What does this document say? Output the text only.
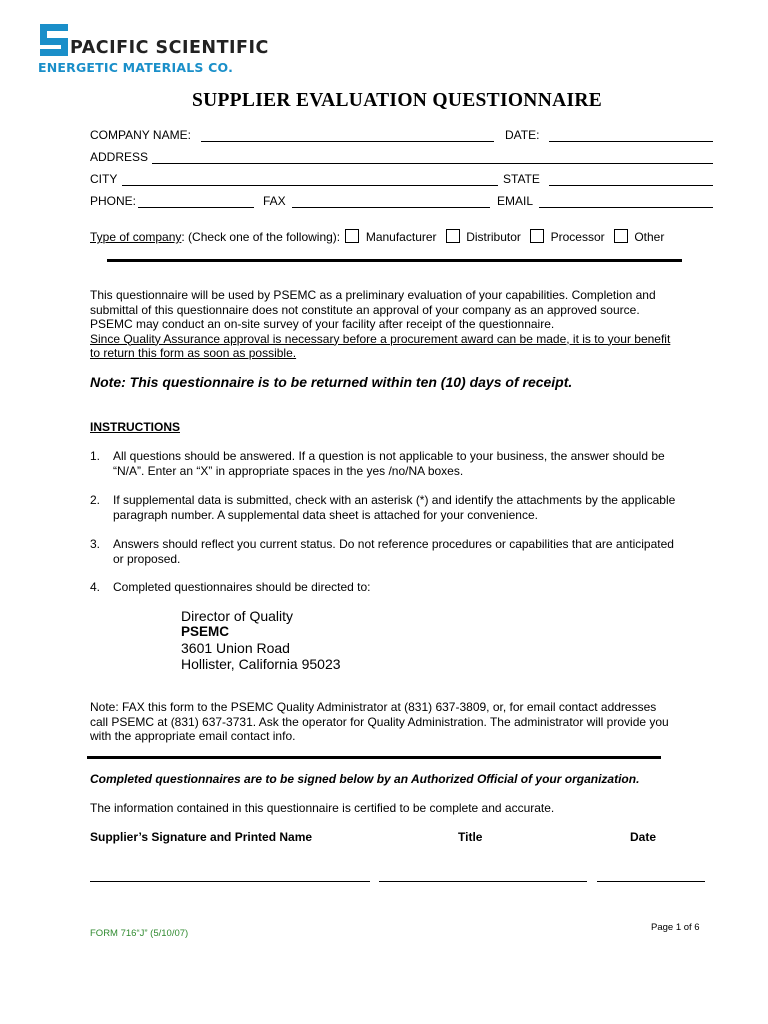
PACIFIC SCIENTIFIC
ENERGETIC MATERIALS CO.
SUPPLIER EVALUATION QUESTIONNAIRE
COMPANY NAME:	DATE:
ADDRESS
CITY	STATE
PHONE:	FAX	EMAIL
Type of company: (Check one of the following): Manufacturer Distributor Processor Other
This questionnaire will be used by PSEMC as a preliminary evaluation of your capabilities. Completion and
submittal of this questionnaire does not constitute an approval of your company as an approved source.
PSEMC may conduct an on-site survey of your facility after receipt of the questionnaire.
Since Quality Assurance approval is necessary before a procurement award can be made, it is to your benefit
to return this form as soon as possible.
Note: This questionnaire is to be returned within ten (10) days of receipt.
INSTRUCTIONS
1. All questions should be answered. If a question is not applicable to your business, the answer should be
“N/A”. Enter an “X” in appropriate spaces in the yes /no/NA boxes.
2. If supplemental data is submitted, check with an asterisk (*) and identify the attachments by the applicable
paragraph number. A supplemental data sheet is attached for your convenience.
3. Answers should reflect you current status. Do not reference procedures or capabilities that are anticipated
or proposed.
4. Completed questionnaires should be directed to:
Director of Quality
PSEMC
3601 Union Road
Hollister, California 95023
Note: FAX this form to the PSEMC Quality Administrator at (831) 637-3809, or, for email contact addresses
call PSEMC at (831) 637-3731. Ask the operator for Quality Administration. The administrator will provide you
with the appropriate email contact info.
Completed questionnaires are to be signed below by an Authorized Official of your organization.
The information contained in this questionnaire is certified to be complete and accurate.
Supplier’s Signature and Printed Name	Title	Date
FORM 716“J” (5/10/07)
Page 1 of 6
